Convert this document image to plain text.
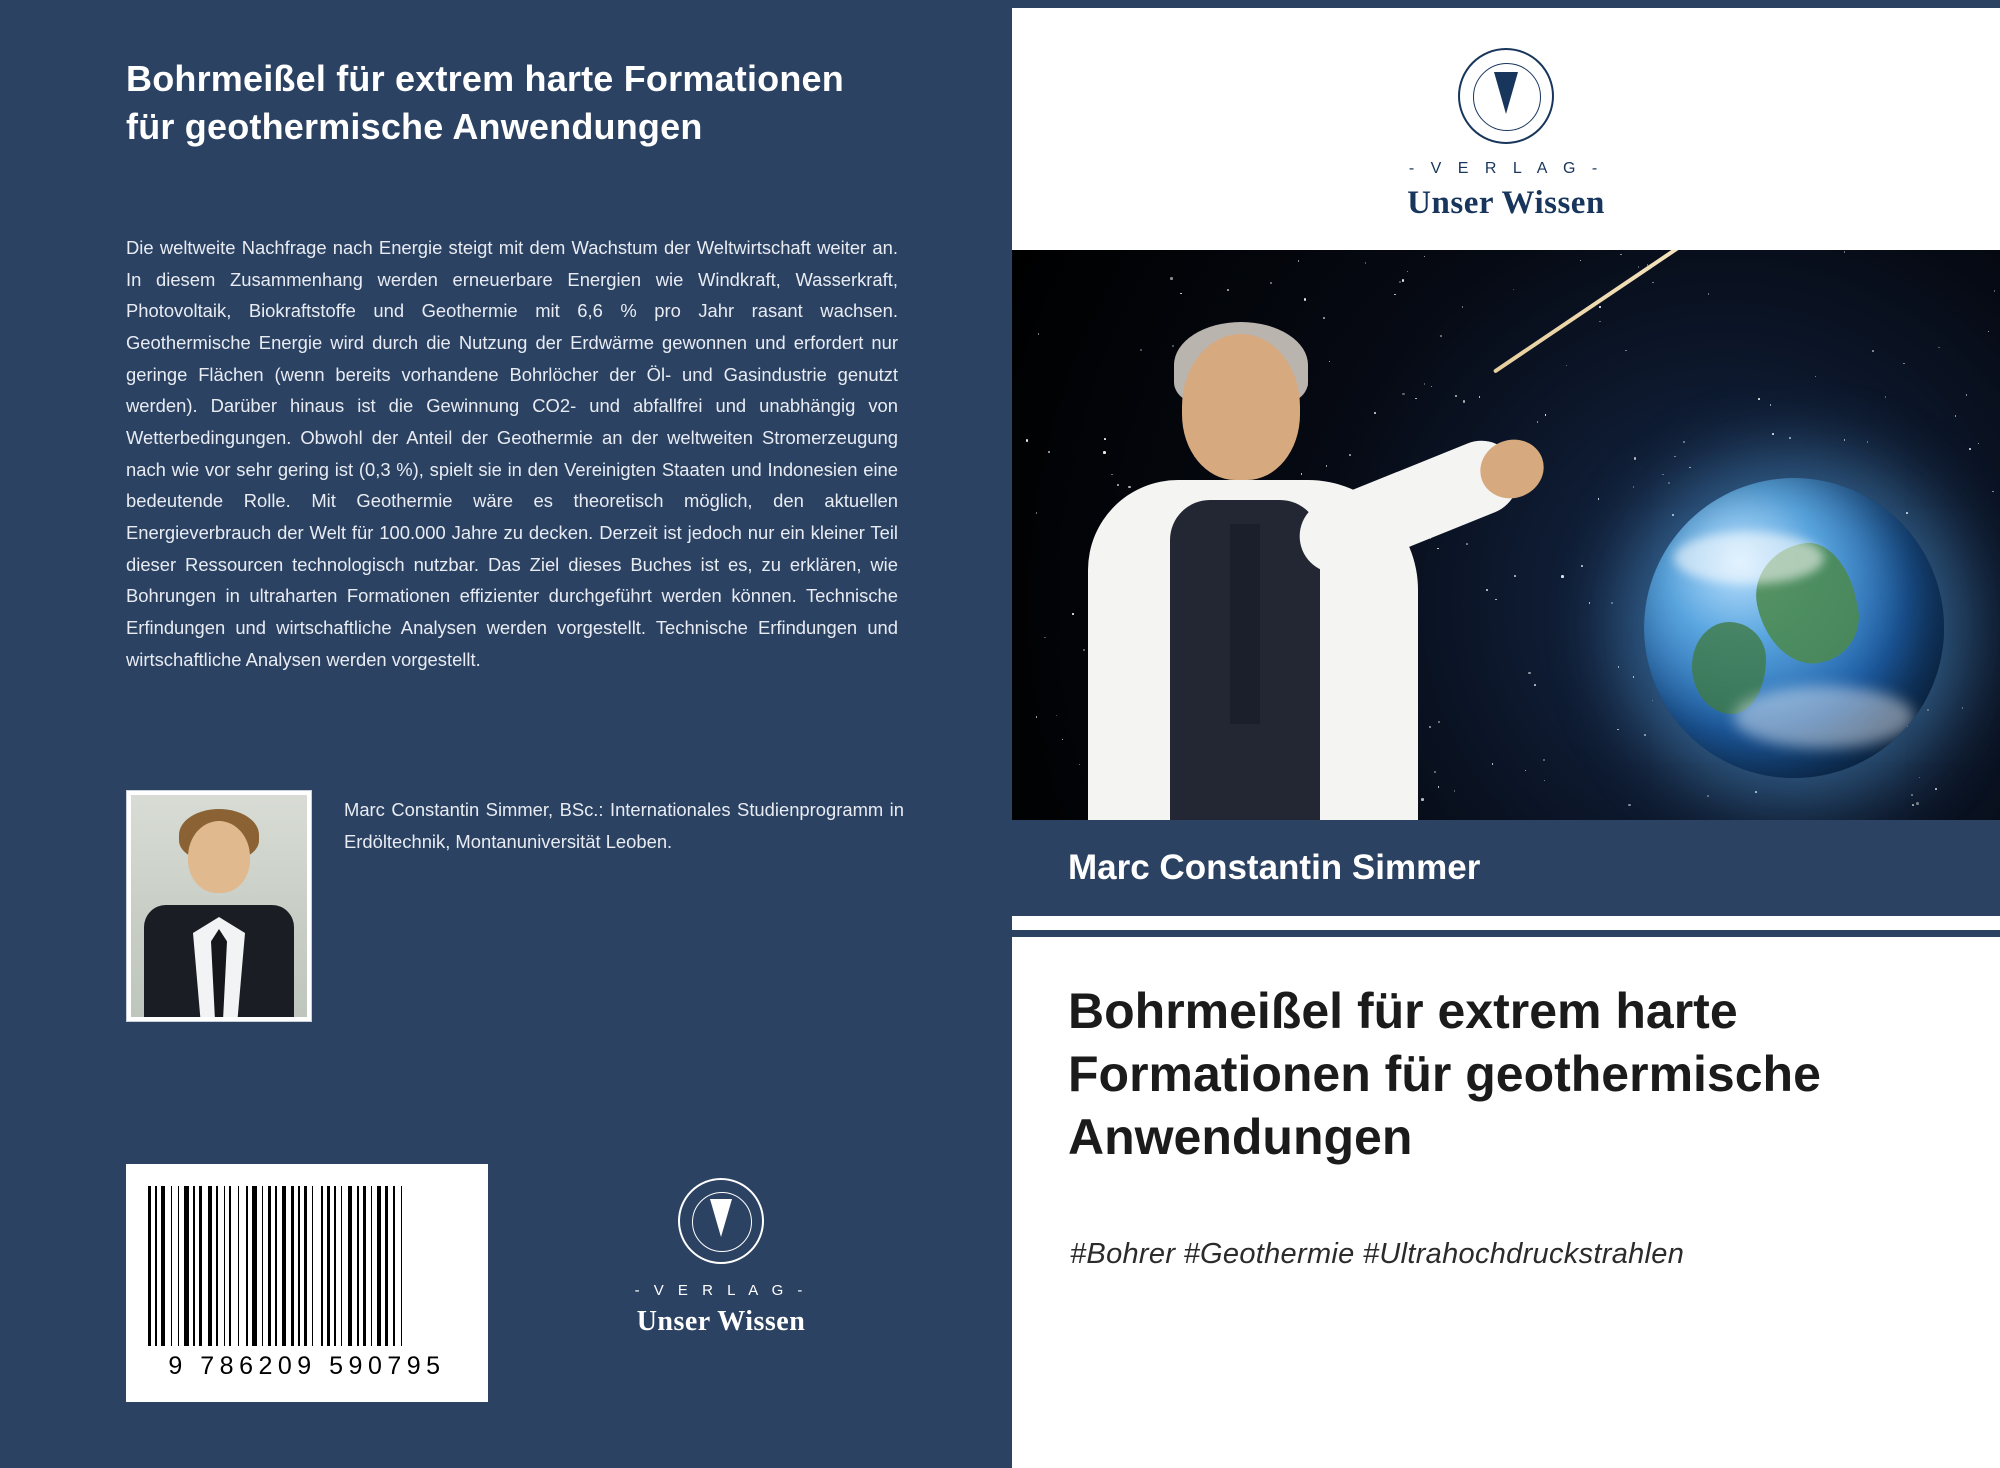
Bohrmeißel für extrem harte Formationen für geothermische Anwendungen
Die weltweite Nachfrage nach Energie steigt mit dem Wachstum der Weltwirtschaft weiter an. In diesem Zusammenhang werden erneuerbare Energien wie Windkraft, Wasserkraft, Photovoltaik, Biokraftstoffe und Geothermie mit 6,6 % pro Jahr rasant wachsen. Geothermische Energie wird durch die Nutzung der Erdwärme gewonnen und erfordert nur geringe Flächen (wenn bereits vorhandene Bohrlöcher der Öl- und Gasindustrie genutzt werden). Darüber hinaus ist die Gewinnung CO2- und abfallfrei und unabhängig von Wetterbedingungen. Obwohl der Anteil der Geothermie an der weltweiten Stromerzeugung nach wie vor sehr gering ist (0,3 %), spielt sie in den Vereinigten Staaten und Indonesien eine bedeutende Rolle. Mit Geothermie wäre es theoretisch möglich, den aktuellen Energieverbrauch der Welt für 100.000 Jahre zu decken. Derzeit ist jedoch nur ein kleiner Teil dieser Ressourcen technologisch nutzbar. Das Ziel dieses Buches ist es, zu erklären, wie Bohrungen in ultraharten Formationen effizienter durchgeführt werden können. Technische Erfindungen und wirtschaftliche Analysen werden vorgestellt. Technische Erfindungen und wirtschaftliche Analysen werden vorgestellt.
Marc Constantin Simmer, BSc.: Internationales Studienprogramm in Erdöltechnik, Montanuniversität Leoben.
9 786209 590795
- V E R L A G -
Unser Wissen
- V E R L A G -
Unser Wissen
Marc Constantin Simmer
Bohrmeißel für extrem harte Formationen für geothermische Anwendungen
#Bohrer #Geothermie #Ultrahochdruckstrahlen
